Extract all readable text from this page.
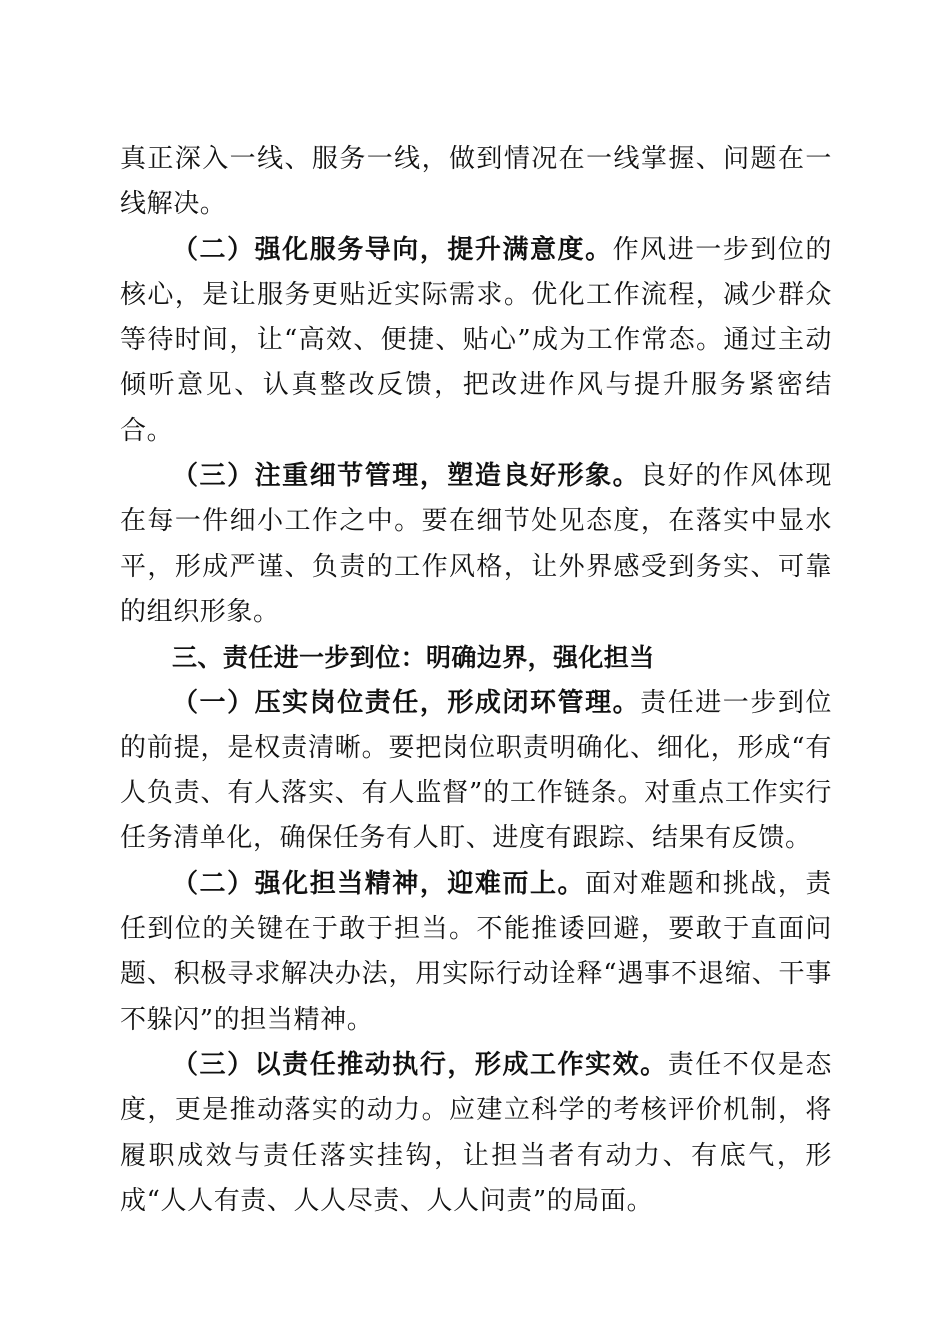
真正深入一线、服务一线，做到情况在一线掌握、问题在一线解决。

（二）强化服务导向，提升满意度。作风进一步到位的核心，是让服务更贴近实际需求。优化工作流程，减少群众等待时间，让“高效、便捷、贴心”成为工作常态。通过主动倾听意见、认真整改反馈，把改进作风与提升服务紧密结合。

（三）注重细节管理，塑造良好形象。良好的作风体现在每一件细小工作之中。要在细节处见态度，在落实中显水平，形成严谨、负责的工作风格，让外界感受到务实、可靠的组织形象。

三、责任进一步到位：明确边界，强化担当

（一）压实岗位责任，形成闭环管理。责任进一步到位的前提，是权责清晰。要把岗位职责明确化、细化，形成“有人负责、有人落实、有人监督”的工作链条。对重点工作实行任务清单化，确保任务有人盯、进度有跟踪、结果有反馈。

（二）强化担当精神，迎难而上。面对难题和挑战，责任到位的关键在于敢于担当。不能推诿回避，要敢于直面问题、积极寻求解决办法，用实际行动诠释“遇事不退缩、干事不躲闪”的担当精神。

（三）以责任推动执行，形成工作实效。责任不仅是态度，更是推动落实的动力。应建立科学的考核评价机制，将履职成效与责任落实挂钩，让担当者有动力、有底气，形成“人人有责、人人尽责、人人问责”的局面。
